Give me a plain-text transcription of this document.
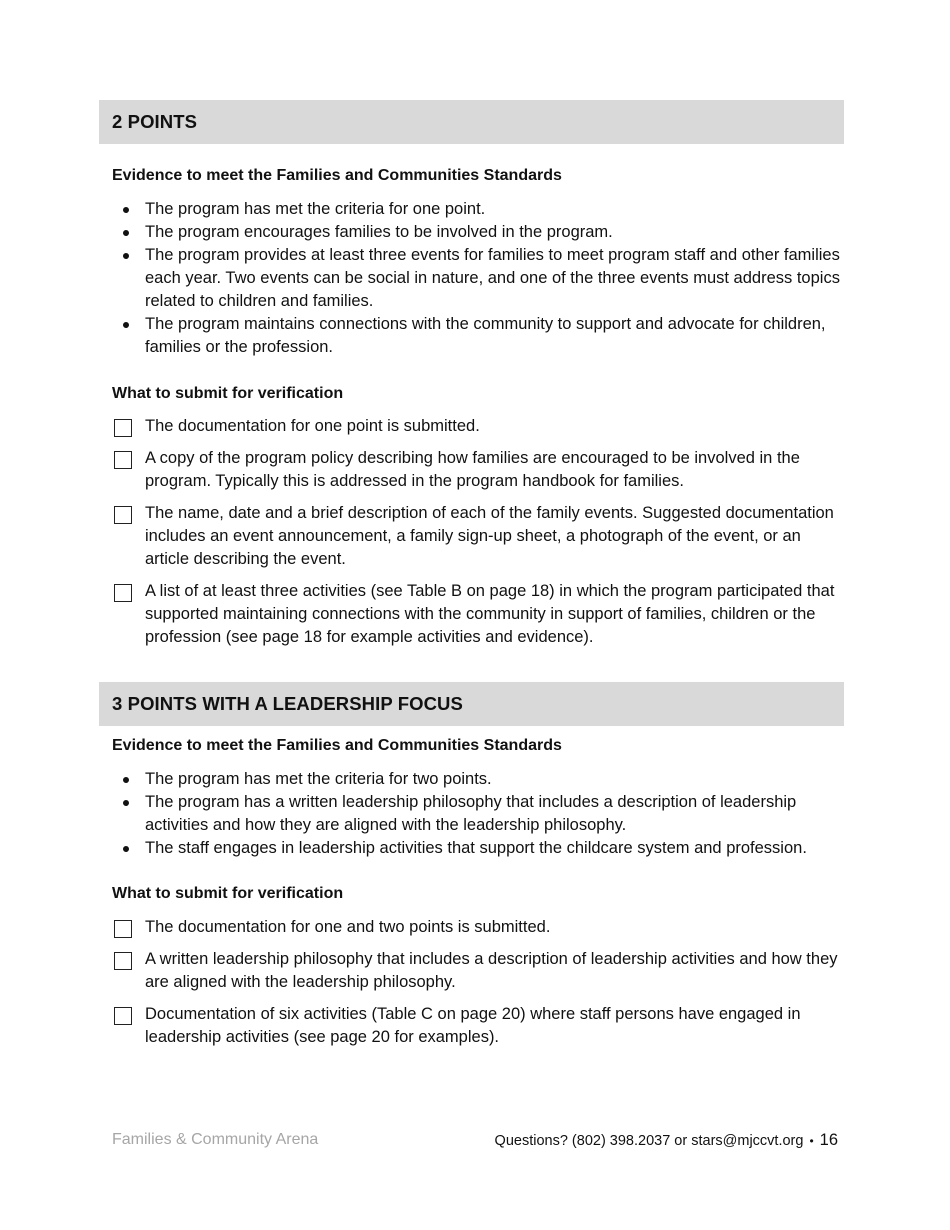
2 POINTS

Evidence to meet the Families and Communities Standards

The program has met the criteria for one point.
The program encourages families to be involved in the program.
The program provides at least three events for families to meet program staff and other families each year. Two events can be social in nature, and one of the three events must address topics related to children and families.
The program maintains connections with the community to support and advocate for children, families or the profession.

What to submit for verification

The documentation for one point is submitted.
A copy of the program policy describing how families are encouraged to be involved in the program. Typically this is addressed in the program handbook for families.
The name, date and a brief description of each of the family events. Suggested documentation includes an event announcement, a family sign-up sheet, a photograph of the event, or an article describing the event.
A list of at least three activities (see Table B on page 18) in which the program participated that supported maintaining connections with the community in support of families, children or the profession (see page 18 for example activities and evidence).
3 POINTS WITH A LEADERSHIP FOCUS

Evidence to meet the Families and Communities Standards

The program has met the criteria for two points.
The program has a written leadership philosophy that includes a description of leadership activities and how they are aligned with the leadership philosophy.
The staff engages in leadership activities that support the childcare system and profession.

What to submit for verification

The documentation for one and two points is submitted.
A written leadership philosophy that includes a description of leadership activities and how they are aligned with the leadership philosophy.
Documentation of six activities (Table C on page 20) where staff persons have engaged in leadership activities (see page 20 for examples).
Families & Community Arena	Questions? (802) 398.2037 or stars@mjccvt.org • 16
